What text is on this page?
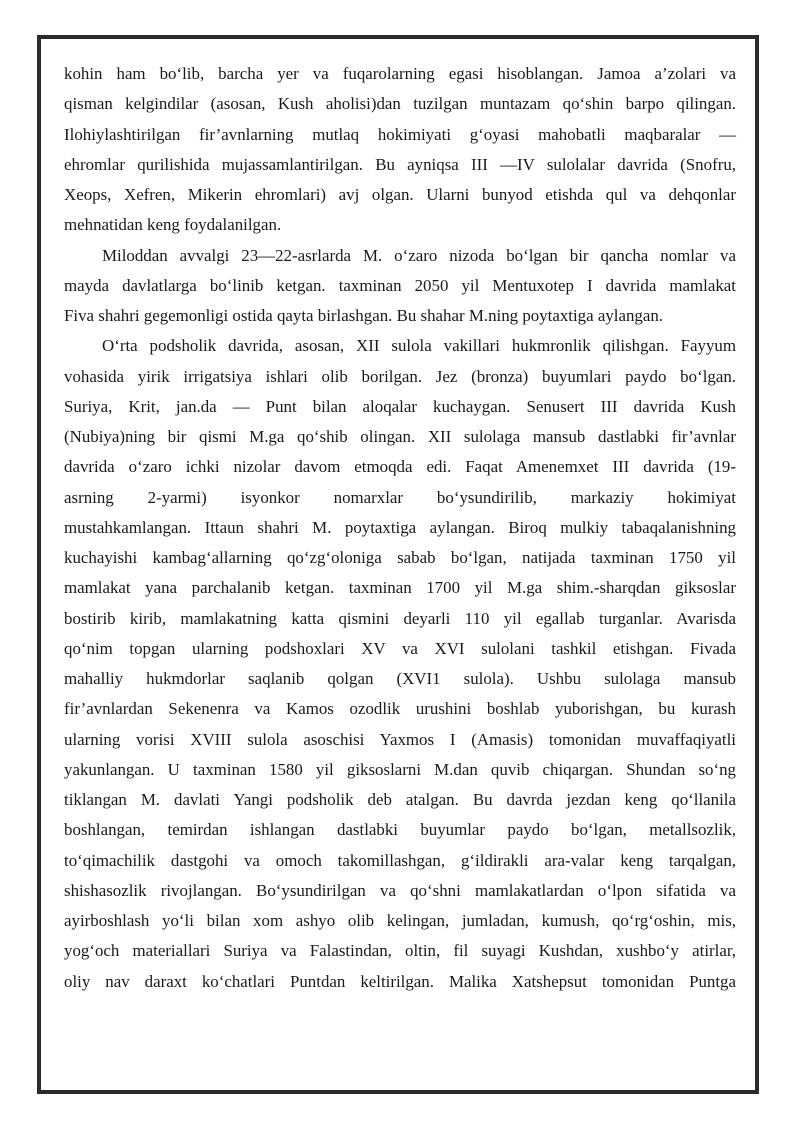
kohin ham bo‘lib, barcha yer va fuqarolarning egasi hisoblangan. Jamoa a’zolari va
qisman kelgindilar (asosan, Kush aholisi)dan tuzilgan muntazam qo‘shin barpo qilingan.
Ilohiylashtirilgan fir’avnlarning mutlaq hokimiyati g‘oyasi mahobatli maqbaralar —
ehromlar qurilishida mujassamlantirilgan. Bu ayniqsa III —IV sulolalar davrida (Snofru,
Xeops, Xefren, Mikerin ehromlari) avj olgan. Ularni bunyod etishda qul va dehqonlar
mehnatidan keng foydalanilgan.
Miloddan avvalgi 23—22-asrlarda M. o‘zaro nizoda bo‘lgan bir qancha nomlar va
mayda davlatlarga bo‘linib ketgan. taxminan 2050 yil Mentuxotep I davrida mamlakat
Fiva shahri gegemonligi ostida qayta birlashgan. Bu shahar M.ning poytaxtiga aylangan.
O‘rta podsholik davrida, asosan, XII sulola vakillari hukmronlik qilishgan. Fayyum
vohasida yirik irrigatsiya ishlari olib borilgan. Jez (bronza) buyumlari paydo bo‘lgan.
Suriya, Krit, jan.da — Punt bilan aloqalar kuchaygan. Senusert III davrida Kush
(Nubiya)ning bir qismi M.ga qo‘shib olingan. XII sulolaga mansub dastlabki fir’avnlar
davrida o‘zaro ichki nizolar davom etmoqda edi. Faqat Amenemxet III davrida (19-
asrning 2-yarmi) isyonkor nomarxlar bo‘ysundirilib, markaziy hokimiyat
mustahkamlangan. Ittaun shahri M. poytaxtiga aylangan. Biroq mulkiy tabaqalanishning
kuchayishi kambag‘allarning qo‘zg‘oloniga sabab bo‘lgan, natijada taxminan 1750 yil
mamlakat yana parchalanib ketgan. taxminan 1700 yil M.ga shim.-sharqdan giksoslar
bostirib kirib, mamlakatning katta qismini deyarli 110 yil egallab turganlar. Avarisda
qo‘nim topgan ularning podshoxlari XV va XVI sulolani tashkil etishgan. Fivada
mahalliy hukmdorlar saqlanib qolgan (XVI1 sulola). Ushbu sulolaga mansub
fir’avnlardan Sekenenra va Kamos ozodlik urushini boshlab yuborishgan, bu kurash
ularning vorisi XVIII sulola asoschisi Yaxmos I (Amasis) tomonidan muvaffaqiyatli
yakunlangan. U taxminan 1580 yil giksoslarni M.dan quvib chiqargan. Shundan so‘ng
tiklangan M. davlati Yangi podsholik deb atalgan. Bu davrda jezdan keng qo‘llanila
boshlangan, temirdan ishlangan dastlabki buyumlar paydo bo‘lgan, metallsozlik,
to‘qimachilik dastgohi va omoch takomillashgan, g‘ildirakli ara-valar keng tarqalgan,
shishasozlik rivojlangan. Bo‘ysundirilgan va qo‘shni mamlakatlardan o‘lpon sifatida va
ayirboshlash yo‘li bilan xom ashyo olib kelingan, jumladan, kumush, qo‘rg‘oshin, mis,
yog‘och materiallari Suriya va Falastindan, oltin, fil suyagi Kushdan, xushbo‘y atirlar,
oliy nav daraxt ko‘chatlari Puntdan keltirilgan. Malika Xatshepsut tomonidan Puntga
